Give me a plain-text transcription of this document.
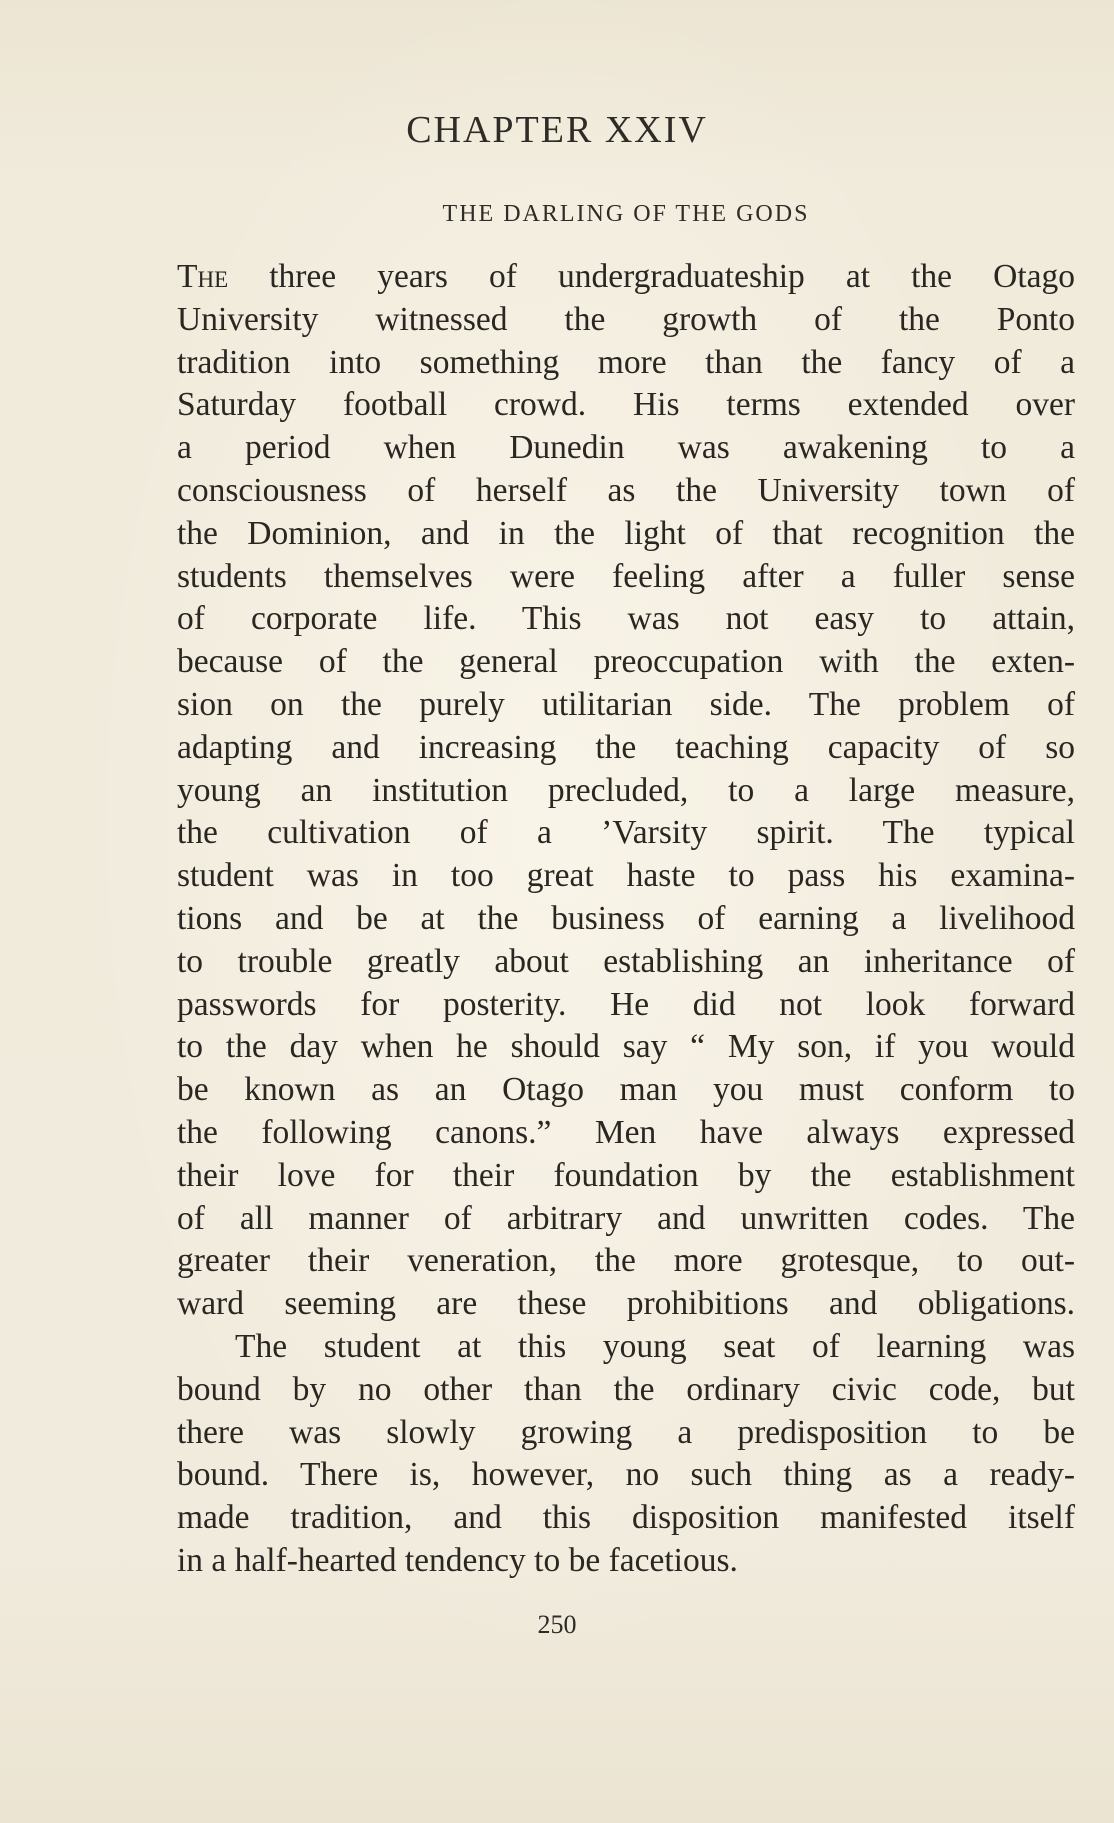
CHAPTER XXIV
THE DARLING OF THE GODS
The three years of undergraduateship at the Otago
University witnessed the growth of the Ponto
tradition into something more than the fancy of a
Saturday football crowd. His terms extended over
a period when Dunedin was awakening to a
consciousness of herself as the University town of
the Dominion, and in the light of that recognition the
students themselves were feeling after a fuller sense
of corporate life. This was not easy to attain,
because of the general preoccupation with the exten-
sion on the purely utilitarian side. The problem of
adapting and increasing the teaching capacity of so
young an institution precluded, to a large measure,
the cultivation of a ’Varsity spirit. The typical
student was in too great haste to pass his examina-
tions and be at the business of earning a livelihood
to trouble greatly about establishing an inheritance of
passwords for posterity. He did not look forward
to the day when he should say “ My son, if you would
be known as an Otago man you must conform to
the following canons.” Men have always expressed
their love for their foundation by the establishment
of all manner of arbitrary and unwritten codes. The
greater their veneration, the more grotesque, to out-
ward seeming are these prohibitions and obligations.
The student at this young seat of learning was
bound by no other than the ordinary civic code, but
there was slowly growing a predisposition to be
bound. There is, however, no such thing as a ready-
made tradition, and this disposition manifested itself
in a half-hearted tendency to be facetious.
250
